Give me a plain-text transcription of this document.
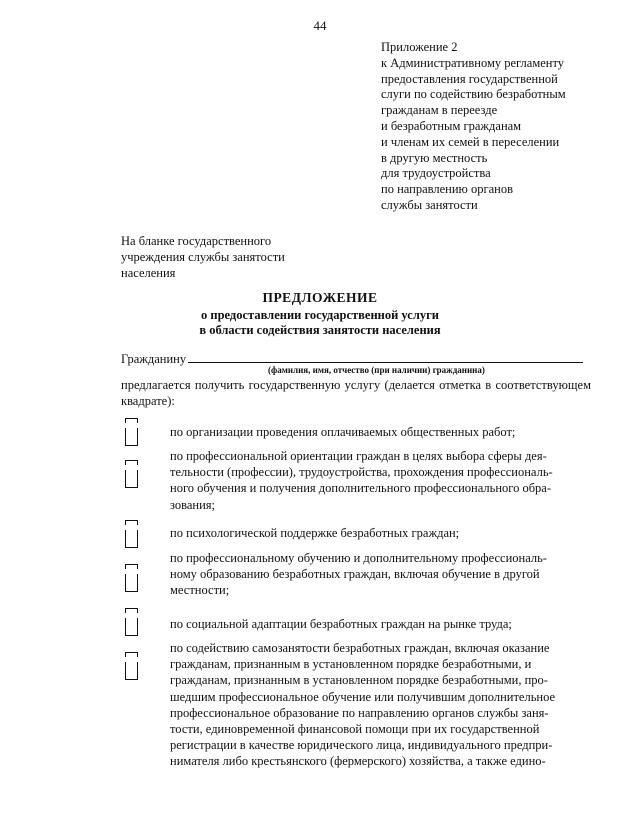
44
Приложение 2
к Административному регламенту
предоставления государственной
слуги по содействию безработным
гражданам в переезде
и безработным гражданам
и членам их семей в переселении
в другую местность
для трудоустройства
по направлению органов
службы занятости
На бланке государственного
учреждения службы занятости
населения
ПРЕДЛОЖЕНИЕ
о предоставлении государственной услуги
в области содействия занятости населения
Гражданину
(фамилия, имя, отчество (при наличии) гражданина)
предлагается получить государственную услугу (делается отметка в соответствующем квадрате):
по организации проведения оплачиваемых общественных работ;
по профессиональной ориентации граждан в целях выбора сферы дея-
тельности (профессии), трудоустройства, прохождения профессиональ-
ного обучения и получения дополнительного профессионального обра-
зования;
по психологической поддержке безработных граждан;
по профессиональному обучению и дополнительному профессиональ-
ному образованию безработных граждан, включая обучение в другой
местности;
по социальной адаптации безработных граждан на рынке труда;
по содействию самозанятости безработных граждан, включая оказание
гражданам, признанным в установленном порядке безработными, и
гражданам, признанным в установленном порядке безработными, про-
шедшим профессиональное обучение или получившим дополнительное
профессиональное образование по направлению органов службы заня-
тости, единовременной финансовой помощи при их государственной
регистрации в качестве юридического лица, индивидуального предпри-
нимателя либо крестьянского (фермерского) хозяйства, а также едино-
